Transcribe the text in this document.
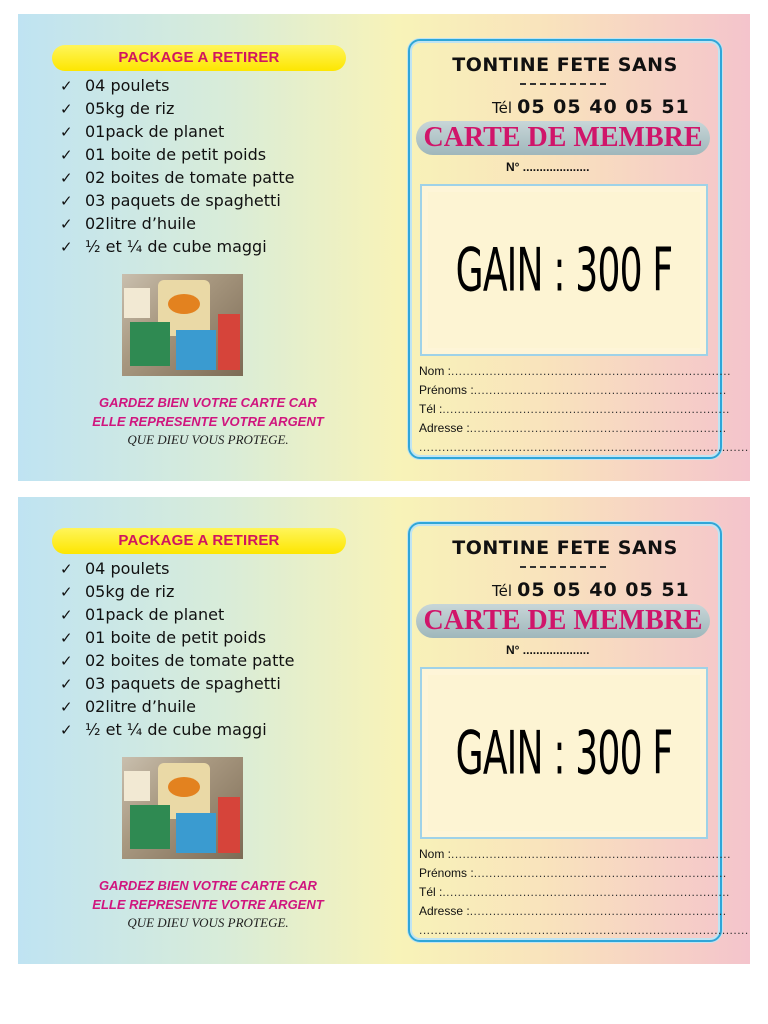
PACKAGE A RETIRER
✓ 04 poulets
✓ 05kg de riz
✓ 01pack de planet
✓ 01 boite de petit poids
✓ 02 boites de tomate patte
✓ 03 paquets de spaghetti
✓ 02litre d’huile
✓ ½ et ¼ de cube maggi
GARDEZ BIEN VOTRE CARTE CAR
ELLE REPRESENTE VOTRE ARGENT
QUE DIEU VOUS PROTEGE.
TONTINE FETE SANS
Tél 05 05 40 05 51
CARTE DE MEMBRE
N° ....................
GAIN : 300 F
Nom :.........................................................................
Prénoms :..................................................................
Tél :...........................................................................
Adresse :...................................................................
......................................................................................
PACKAGE A RETIRER
✓ 04 poulets
✓ 05kg de riz
✓ 01pack de planet
✓ 01 boite de petit poids
✓ 02 boites de tomate patte
✓ 03 paquets de spaghetti
✓ 02litre d’huile
✓ ½ et ¼ de cube maggi
GARDEZ BIEN VOTRE CARTE CAR
ELLE REPRESENTE VOTRE ARGENT
QUE DIEU VOUS PROTEGE.
TONTINE FETE SANS
Tél 05 05 40 05 51
CARTE DE MEMBRE
N° ....................
GAIN : 300 F
Nom :.........................................................................
Prénoms :..................................................................
Tél :...........................................................................
Adresse :...................................................................
......................................................................................
